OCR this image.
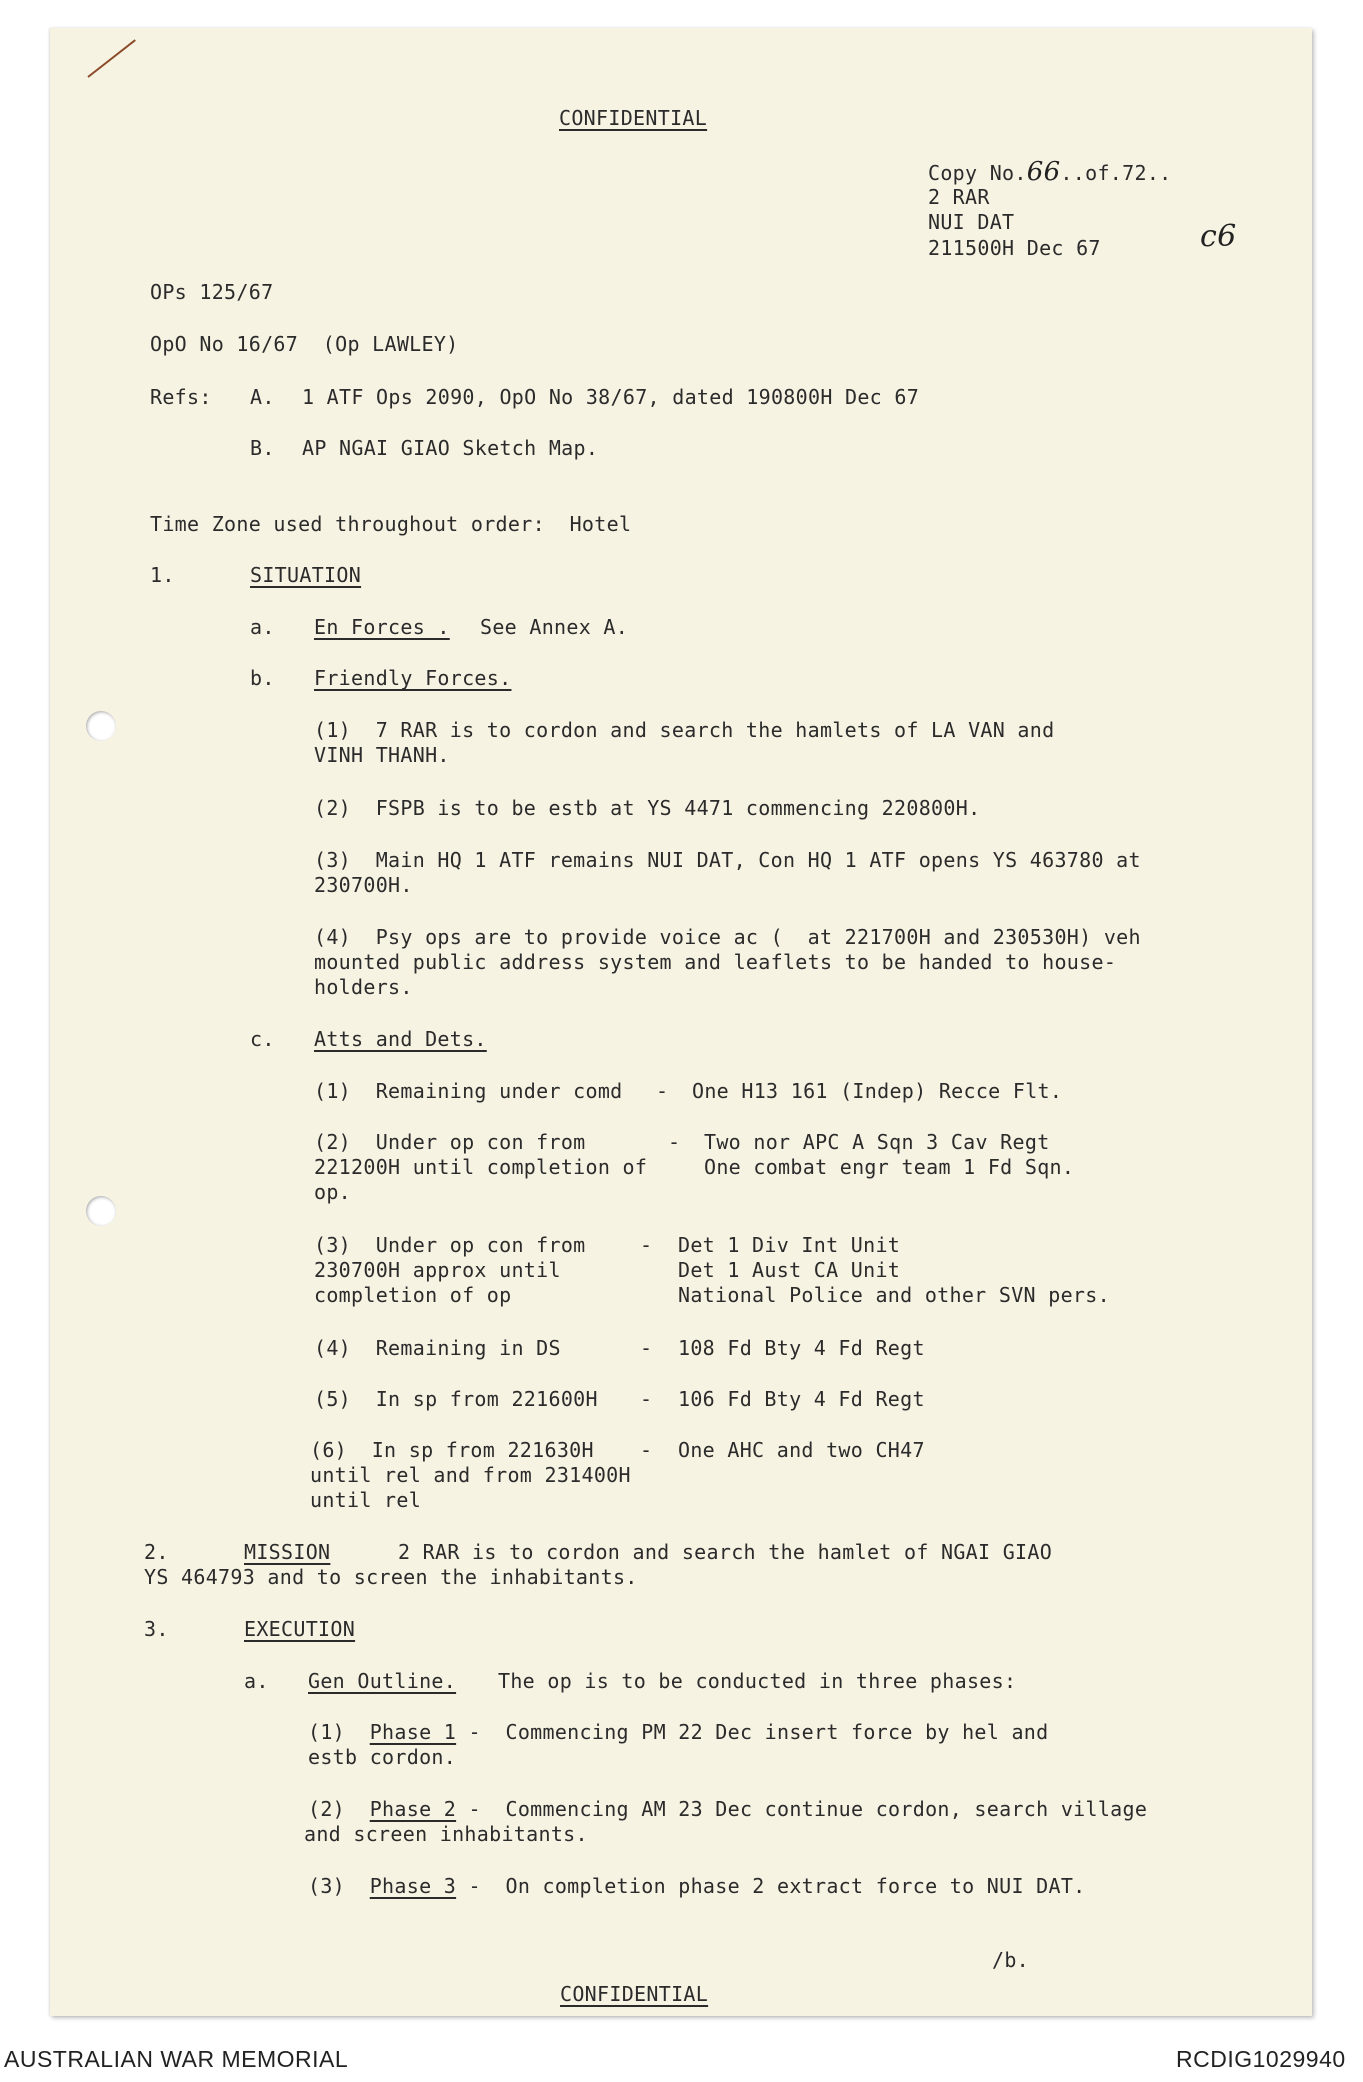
CONFIDENTIAL
Copy No.66..of.72..
2 RAR
NUI DAT
211500H Dec 67	c6
OPs 125/67
OpO No 16/67  (Op LAWLEY)
Refs: A. 1 ATF Ops 2090, OpO No 38/67, dated 190800H Dec 67
B. AP NGAI GIAO Sketch Map.
Time Zone used throughout order:  Hotel
1.	SITUATION
a. En Forces . See Annex A.
b. Friendly Forces.
(1)  7 RAR is to cordon and search the hamlets of LA VAN and
VINH THANH.
(2)  FSPB is to be estb at YS 4471 commencing 220800H.
(3)  Main HQ 1 ATF remains NUI DAT, Con HQ 1 ATF opens YS 463780 at
230700H.
(4)  Psy ops are to provide voice ac (  at 221700H and 230530H) veh
mounted public address system and leaflets to be handed to house-
holders.
c. Atts and Dets.
(1)  Remaining under comd - One H13 161 (Indep) Recce Flt.
(2)  Under op con from
221200H until completion of
op.
- Two nor APC A Sqn 3 Cav Regt
One combat engr team 1 Fd Sqn.
(3)  Under op con from
230700H approx until
completion of op
- Det 1 Div Int Unit
Det 1 Aust CA Unit
National Police and other SVN pers.
(4)  Remaining in DS	- 108 Fd Bty 4 Fd Regt
(5)  In sp from 221600H - 106 Fd Bty 4 Fd Regt
(6)  In sp from 221630H
until rel and from 231400H
until rel
- One AHC and two CH47
2.	MISSION	2 RAR is to cordon and search the hamlet of NGAI GIAO
YS 464793 and to screen the inhabitants.
3.	EXECUTION
a. Gen Outline. The op is to be conducted in three phases:
(1) Phase 1 -  Commencing PM 22 Dec insert force by hel and
estb cordon.
(2) Phase 2 -  Commencing AM 23 Dec continue cordon, search village
and screen inhabitants.
(3) Phase 3 -  On completion phase 2 extract force to NUI DAT.
/b.
CONFIDENTIAL
AUSTRALIAN WAR MEMORIAL	RCDIG1029940
